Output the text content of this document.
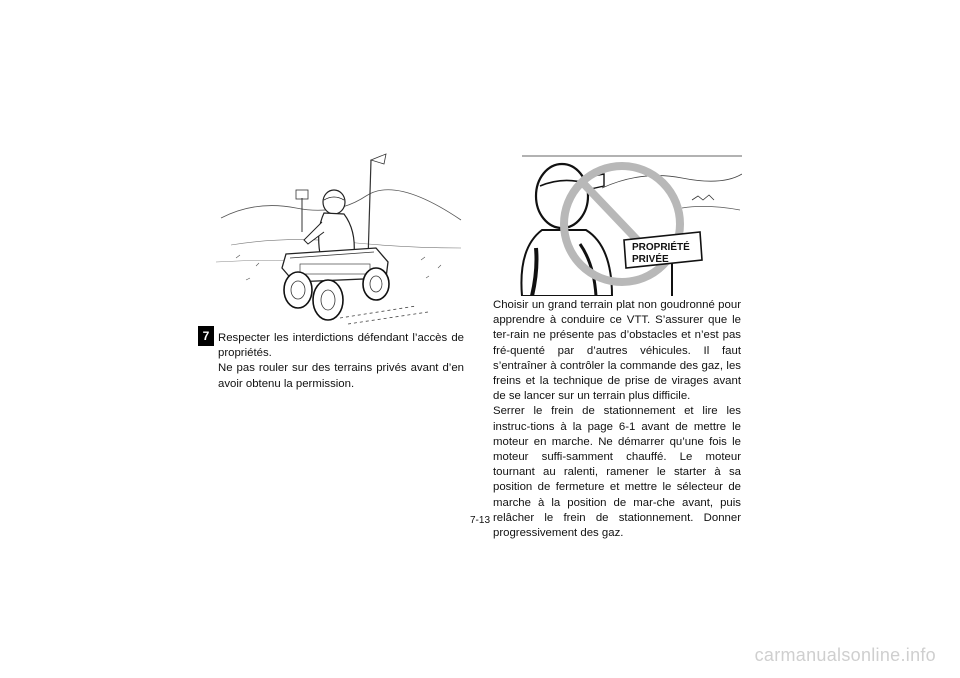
7
PROPRIÉTÉ
PRIVÉE

Respecter les interdictions défendant l’accès de propriétés.

Ne pas rouler sur des terrains privés avant d’en avoir obtenu la permission.

Choisir un grand terrain plat non goudronné pour apprendre à conduire ce VTT. S’assurer que le ter-rain ne présente pas d’obstacles et n’est pas fré-quenté par d’autres véhicules. Il faut s’entraîner à contrôler la commande des gaz, les freins et la technique de prise de virages avant de se lancer sur un terrain plus difficile.

Serrer le frein de stationnement et lire les instruc-tions à la page 6-1 avant de mettre le moteur en marche. Ne démarrer qu’une fois le moteur suffi-samment chauffé. Le moteur tournant au ralenti, ramener le starter à sa position de fermeture et mettre le sélecteur de marche à la position de mar-che avant, puis relâcher le frein de stationnement. Donner progressivement des gaz.

7-13
carmanualsonline.info
